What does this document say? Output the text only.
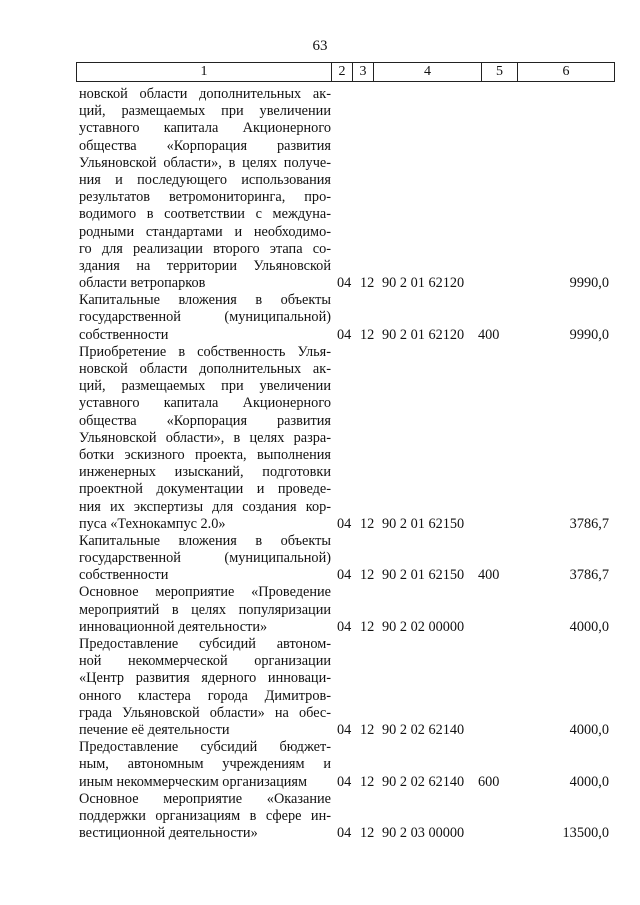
63
1	2	3	4	5	6
новской области дополнительных ак-
ций, размещаемых при увеличении
уставного капитала Акционерного
общества «Корпорация развития
Ульяновской области», в целях получе-
ния и последующего использования
результатов ветромониторинга, про-
водимого в соответствии с междуна-
родными стандартами и необходимо-
го для реализации второго этапа со-
здания на территории Ульяновской
области ветропарков	04 12 90 2 01 62120	9990,0
Капитальные вложения в объекты
государственной (муниципальной)
собственности	04 12 90 2 01 62120 400	9990,0
Приобретение в собственность Улья-
новской области дополнительных ак-
ций, размещаемых при увеличении
уставного капитала Акционерного
общества «Корпорация развития
Ульяновской области», в целях разра-
ботки эскизного проекта, выполнения
инженерных изысканий, подготовки
проектной документации и проведе-
ния их экспертизы для создания кор-
пуса «Технокампус 2.0»	04 12 90 2 01 62150	3786,7
Капитальные вложения в объекты
государственной (муниципальной)
собственности	04 12 90 2 01 62150 400	3786,7
Основное мероприятие «Проведение
мероприятий в целях популяризации
инновационной деятельности»	04 12 90 2 02 00000	4000,0
Предоставление субсидий автоном-
ной некоммерческой организации
«Центр развития ядерного инноваци-
онного кластера города Димитров-
града Ульяновской области» на обес-
печение её деятельности	04 12 90 2 02 62140	4000,0
Предоставление субсидий бюджет-
ным, автономным учреждениям и
иным некоммерческим организациям	04 12 90 2 02 62140 600	4000,0
Основное мероприятие «Оказание
поддержки организациям в сфере ин-
вестиционной деятельности»	04 12 90 2 03 00000	13500,0
